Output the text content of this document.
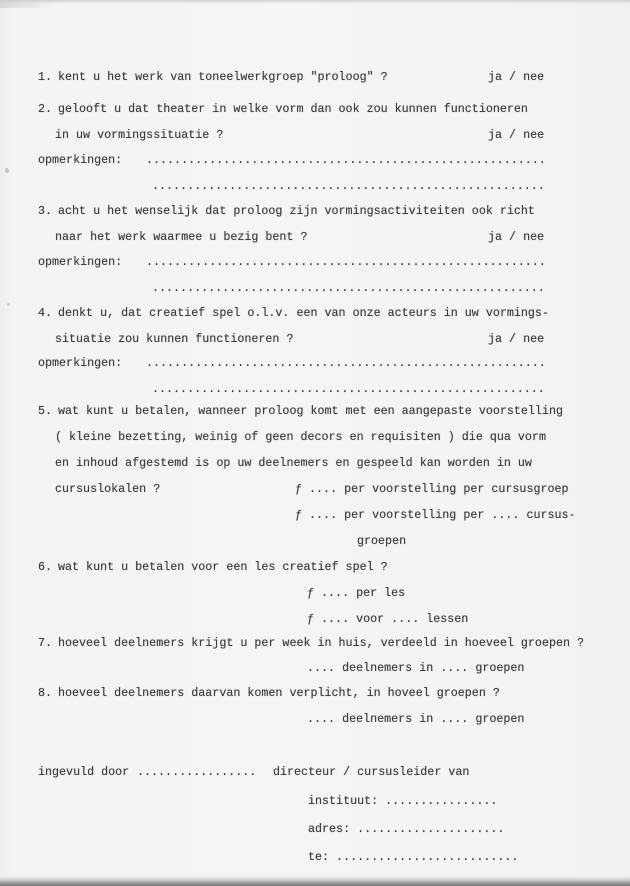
1.

kent u het werk van toneelwerkgroep "proloog" ?

	ja / nee

2.

gelooft u dat theater in welke vorm dan ook zou kunnen functioneren

in uw vormingssituatie ?

	ja / nee

opmerkingen:

.........................................................

........................................................

3.

acht u het wenselijk dat proloog zijn vormingsactiviteiten ook richt

naar het werk waarmee u bezig bent ?

	ja / nee

opmerkingen:

.........................................................

........................................................

4.

denkt u, dat creatief spel o.l.v. een van onze acteurs in uw vormings-

situatie zou kunnen functioneren ?

	ja / nee

opmerkingen:

.........................................................

........................................................

5.

wat kunt u betalen, wanneer proloog komt met een aangepaste voorstelling

( kleine bezetting, weinig of geen decors en requisiten ) die qua vorm

en inhoud afgestemd is op uw deelnemers en gespeeld kan worden in uw

cursuslokalen ?

	ƒ .... per voorstelling per cursusgroep

ƒ .... per voorstelling per .... cursus-

groepen

6.

wat kunt u betalen voor een les creatief spel ?

ƒ .... per les

ƒ .... voor .... lessen

7.

hoeveel deelnemers krijgt u per week in huis, verdeeld in hoeveel groepen ?

.... deelnemers in .... groepen

8.

hoeveel deelnemers daarvan komen verplicht, in hoveel groepen ?

.... deelnemers in .... groepen

ingevuld door

.................

directeur / cursusleider van

instituut: ................

adres: .....................

te: ..........................
